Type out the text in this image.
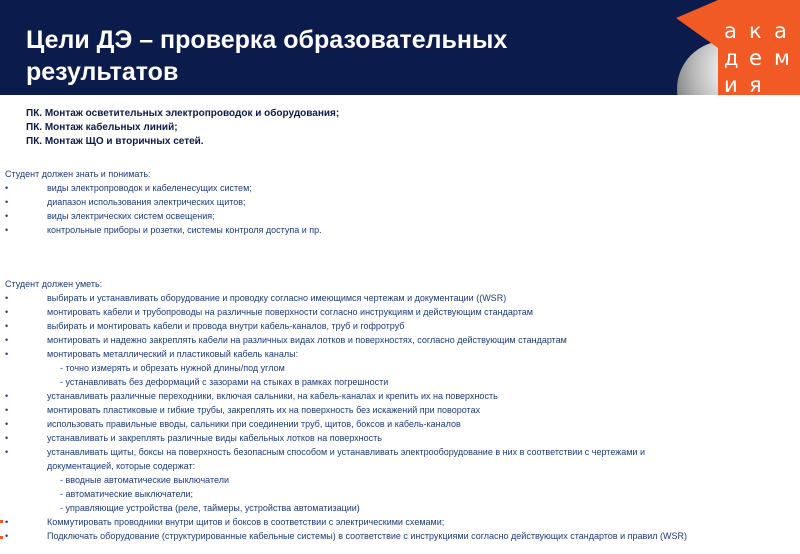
Цели ДЭ – проверка образовательных
результатов
а к а
д е м
и я
ПК. Монтаж осветительных электропроводок и оборудования;
ПК. Монтаж кабельных линий;
ПК. Монтаж ЩО и вторичных сетей.
Студент должен знать и понимать:
•	виды электропроводок и кабеленесущих систем;
•	диапазон использования электрических щитов;
•	виды электрических систем освещения;
•	контрольные приборы и розетки, системы контроля доступа и пр.
Студент должен уметь:
•	выбирать и устанавливать оборудование и проводку согласно имеющимся чертежам и документации ((WSR)
•	монтировать кабели и трубопроводы на различные поверхности согласно инструкциям и действующим стандартам
•	выбирать и монтировать кабели и провода внутри кабель-каналов, труб и гофротруб
•	монтировать и надежно закреплять кабели на различных видах лотков и поверхностях, согласно действующим стандартам
•	монтировать металлический и пластиковый кабель каналы:
- точно измерять и обрезать нужной длины/под углом
- устанавливать без деформаций с зазорами на стыках в рамках погрешности
•	устанавливать различные переходники, включая сальники, на кабель-каналах и крепить их на поверхность
•	монтировать пластиковые и гибкие трубы, закреплять их на поверхность без искажений при поворотах
•	использовать правильные вводы, сальники при соединении труб, щитов, боксов и кабель-каналов
•	устанавливать и закреплять различные виды кабельных лотков на поверхность
•	устанавливать щиты, боксы на поверхность безопасным способом и устанавливать электрооборудование в них в соответствии с чертежами и
документацией, которые содержат:
- вводные автоматические выключатели
- автоматические выключатели;
- управляющие устройства (реле, таймеры, устройства автоматизации)
•	Коммутировать проводники внутри щитов и боксов в соответствии с электрическими схемами;
•	Подключать оборудование (структурированные кабельные системы) в соответствие с инструкциями согласно действующих стандартов и правил (WSR)
